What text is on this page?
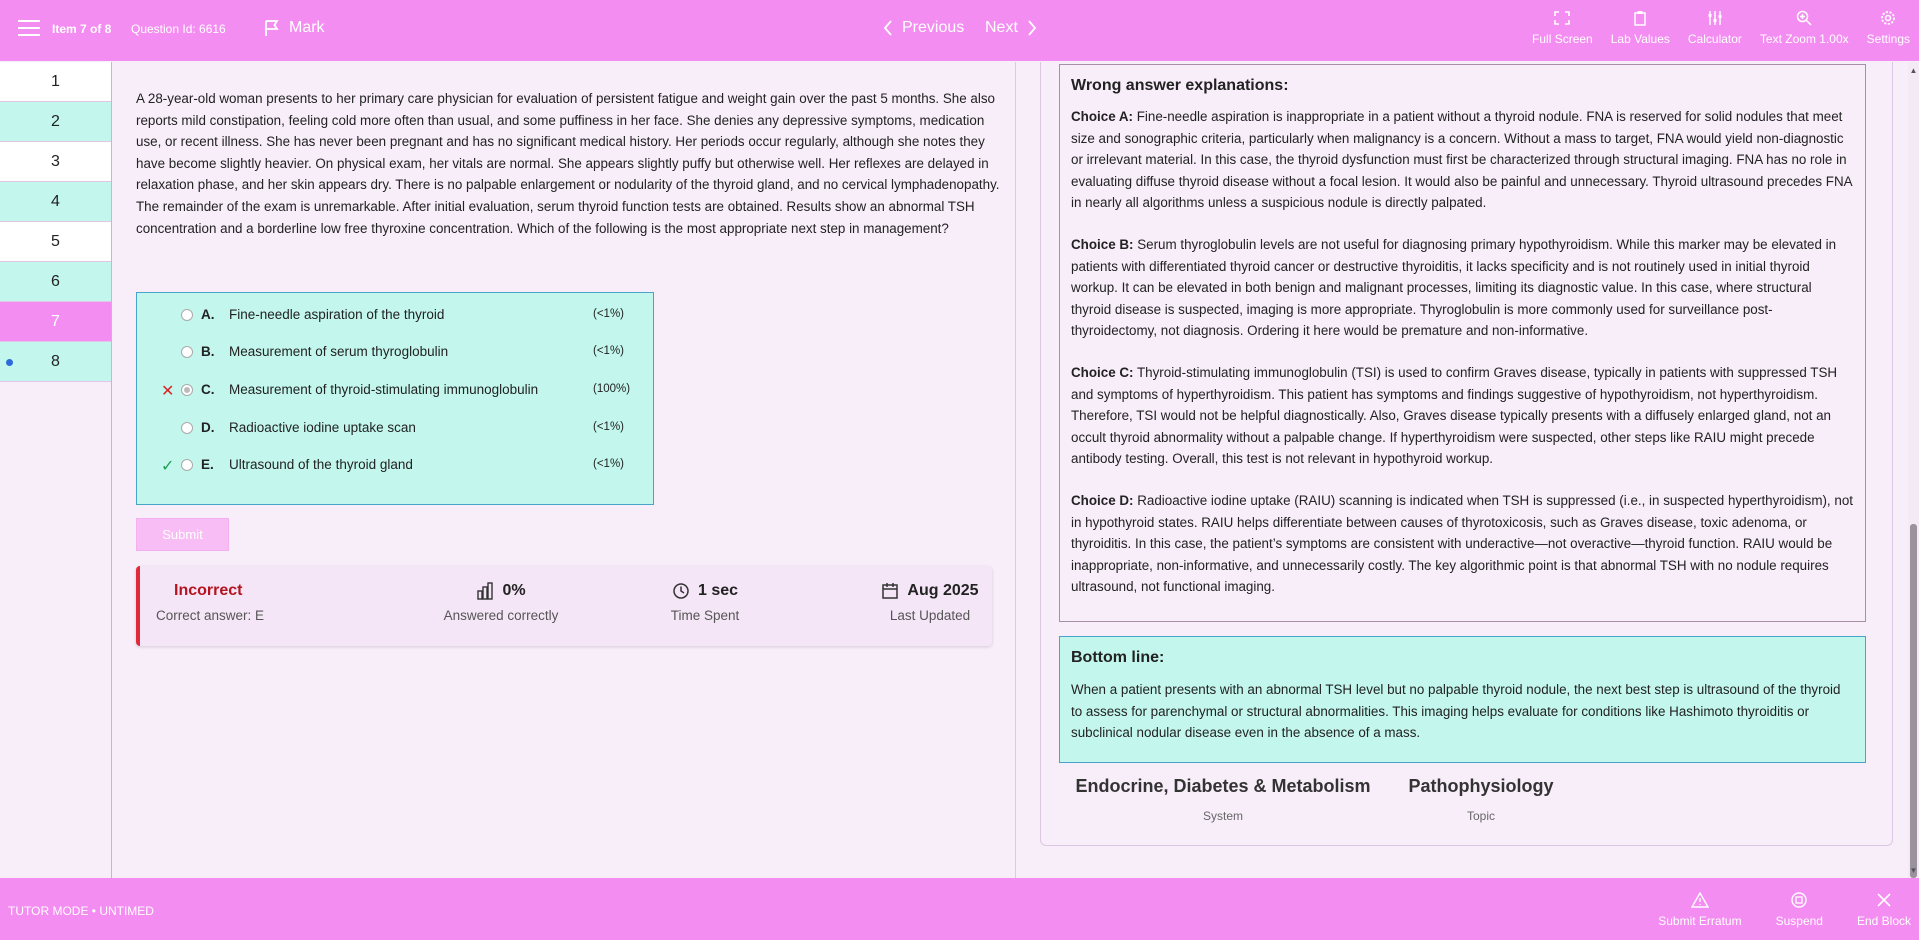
Item 7 of 8 Question Id: 6616	Mark	Previous Next
Full Screen Lab Values Calculator Text Zoom 1.00x Settings
1
2
3
4
5
6
7
8
A 28-year-old woman presents to her primary care physician for evaluation of persistent fatigue and weight gain over the past 5 months. She also reports mild constipation, feeling cold more often than usual, and some puffiness in her face. She denies any depressive symptoms, medication use, or recent illness. She has never been pregnant and has no significant medical history. Her periods occur regularly, although she notes they have become slightly heavier. On physical exam, her vitals are normal. She appears slightly puffy but otherwise well. Her reflexes are delayed in relaxation phase, and her skin appears dry. There is no palpable enlargement or nodularity of the thyroid gland, and no cervical lymphadenopathy. The remainder of the exam is unremarkable. After initial evaluation, serum thyroid function tests are obtained. Results show an abnormal TSH concentration and a borderline low free thyroxine concentration. Which of the following is the most appropriate next step in management?
A. Fine-needle aspiration of the thyroid	(<1%)
B. Measurement of serum thyroglobulin	(<1%)
✕ C. Measurement of thyroid-stimulating immunoglobulin	(100%)
D. Radioactive iodine uptake scan	(<1%)
✓ E. Ultrasound of the thyroid gland	(<1%)
Submit
Incorrect
Correct answer: E
0%
Answered correctly
1 sec
Time Spent
Aug 2025
Last Updated
Wrong answer explanations:

Choice A: Fine-needle aspiration is inappropriate in a patient without a thyroid nodule. FNA is reserved for solid nodules that meet size and sonographic criteria, particularly when malignancy is a concern. Without a mass to target, FNA would yield non-diagnostic or irrelevant material. In this case, the thyroid dysfunction must first be characterized through structural imaging. FNA has no role in evaluating diffuse thyroid disease without a focal lesion. It would also be painful and unnecessary. Thyroid ultrasound precedes FNA in nearly all algorithms unless a suspicious nodule is directly palpated.

Choice B: Serum thyroglobulin levels are not useful for diagnosing primary hypothyroidism. While this marker may be elevated in patients with differentiated thyroid cancer or destructive thyroiditis, it lacks specificity and is not routinely used in initial thyroid workup. It can be elevated in both benign and malignant processes, limiting its diagnostic value. In this case, where structural thyroid disease is suspected, imaging is more appropriate. Thyroglobulin is more commonly used for surveillance post-thyroidectomy, not diagnosis. Ordering it here would be premature and non-informative.

Choice C: Thyroid-stimulating immunoglobulin (TSI) is used to confirm Graves disease, typically in patients with suppressed TSH and symptoms of hyperthyroidism. This patient has symptoms and findings suggestive of hypothyroidism, not hyperthyroidism. Therefore, TSI would not be helpful diagnostically. Also, Graves disease typically presents with a diffusely enlarged gland, not an occult thyroid abnormality without a palpable change. If hyperthyroidism were suspected, other steps like RAIU might precede antibody testing. Overall, this test is not relevant in hypothyroid workup.

Choice D: Radioactive iodine uptake (RAIU) scanning is indicated when TSH is suppressed (i.e., in suspected hyperthyroidism), not in hypothyroid states. RAIU helps differentiate between causes of thyrotoxicosis, such as Graves disease, toxic adenoma, or thyroiditis. In this case, the patient’s symptoms are consistent with underactive—not overactive—thyroid function. RAIU would be inappropriate, non-informative, and unnecessarily costly. The key algorithmic point is that abnormal TSH with no nodule requires ultrasound, not functional imaging.

Bottom line:

When a patient presents with an abnormal TSH level but no palpable thyroid nodule, the next best step is ultrasound of the thyroid to assess for parenchymal or structural abnormalities. This imaging helps evaluate for conditions like Hashimoto thyroiditis or subclinical nodular disease even in the absence of a mass.

Endocrine, Diabetes & Metabolism
System
Pathophysiology
Topic
▲
▼
TUTOR MODE • UNTIMED
Submit Erratum	Suspend	End Block
